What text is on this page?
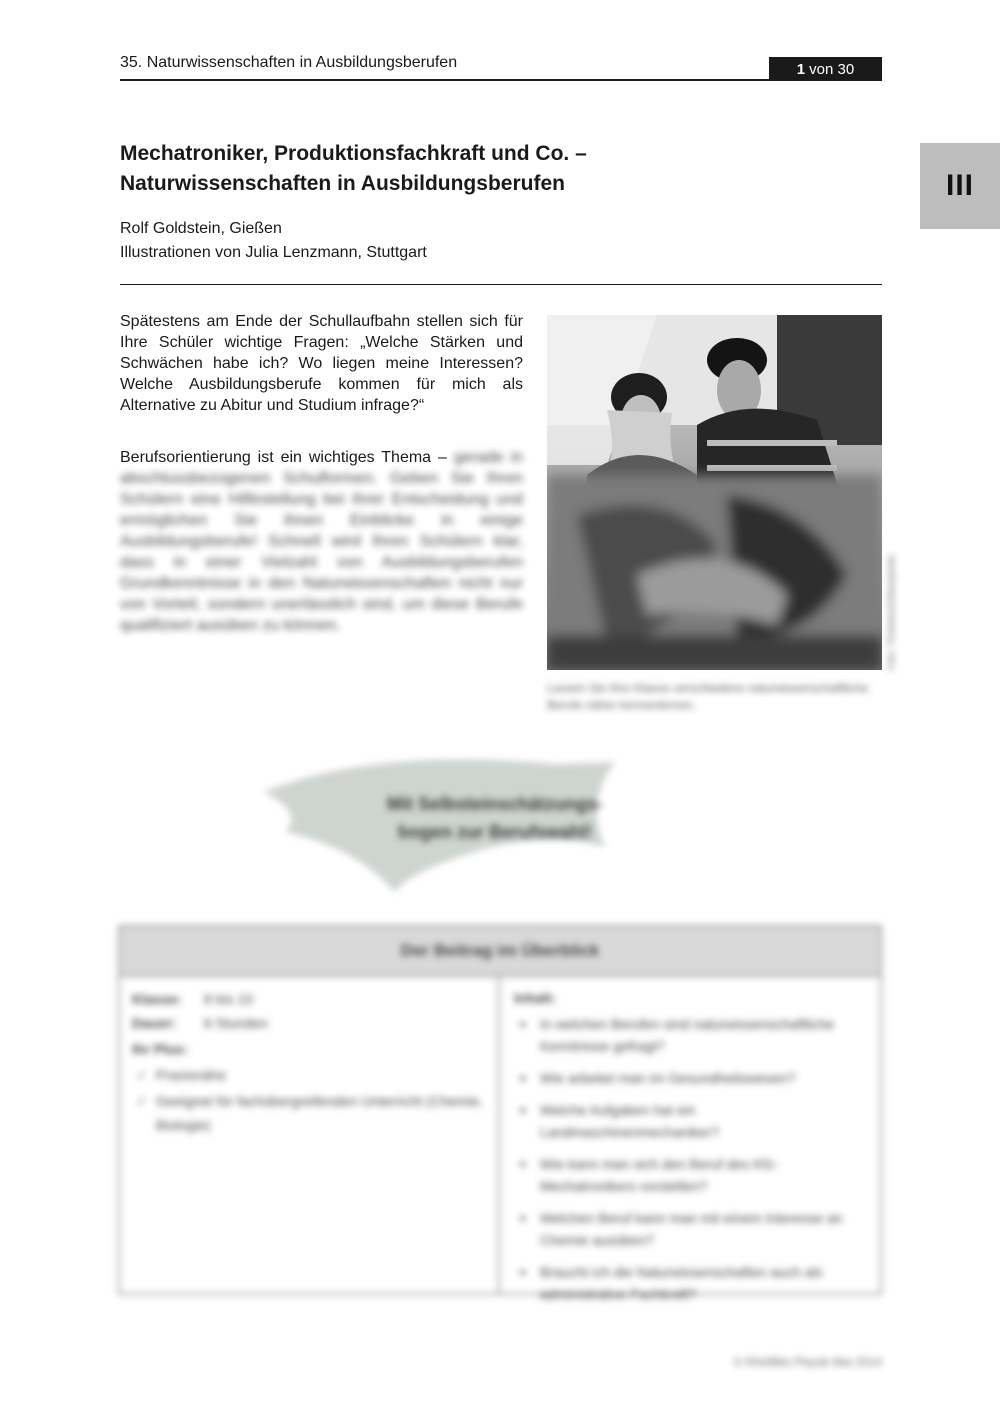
35. Naturwissenschaften in Ausbildungsberufen	1 von 30
III
Mechatroniker, Produktionsfachkraft und Co. –
Naturwissenschaften in Ausbildungsberufen
Rolf Goldstein, Gießen
Illustrationen von Julia Lenzmann, Stuttgart

Spätestens am Ende der Schullaufbahn stellen sich für Ihre Schüler wichtige Fragen: „Welche Stärken und Schwächen habe ich? Wo liegen meine Interessen? Welche Ausbildungsberufe kommen für mich als Alternative zu Abitur und Studium infrage?“

Berufsorientierung ist ein wichtiges Thema – gerade in abschlussbezogenen Schulformen. Geben Sie Ihren Schülern eine Hilfestellung bei ihrer Entscheidung und ermöglichen Sie ihnen Einblicke in einige Ausbildungsberufe! Schnell wird Ihren Schülern klar, dass in einer Vielzahl von Ausbildungsberufen Grundkenntnisse in den Naturwissenschaften nicht nur von Vorteil, sondern unerlässlich sind, um diese Berufe qualifiziert ausüben zu können.	Foto: Thinkstock/iStockphoto
Lassen Sie Ihre Klasse verschiedene naturwissenschaftliche Berufe näher kennenlernen.
Mit Selbsteinschätzungs-
bogen zur Berufswahl!
Der Beitrag im Überblick
Klasse:	8 bis 10
Dauer:	6 Stunden
Ihr Plus:
✓ Praxisnähe
✓ Geeignet für fachübergreifenden Unterricht (Chemie, Biologie)
Inhalt:
■ In welchen Berufen sind naturwissenschaftliche Kenntnisse gefragt?
■ Wie arbeitet man im Gesundheitswesen?
■ Welche Aufgaben hat ein Landmaschinenmechaniker?
■ Wie kann man sich den Beruf des Kfz-Mechatronikers vorstellen?
■ Welchen Beruf kann man mit einem Interesse an Chemie ausüben?
■ Braucht ich die Naturwissenschaften auch als administrative Fachkraft?
© RAABits Physik Mai 2014
